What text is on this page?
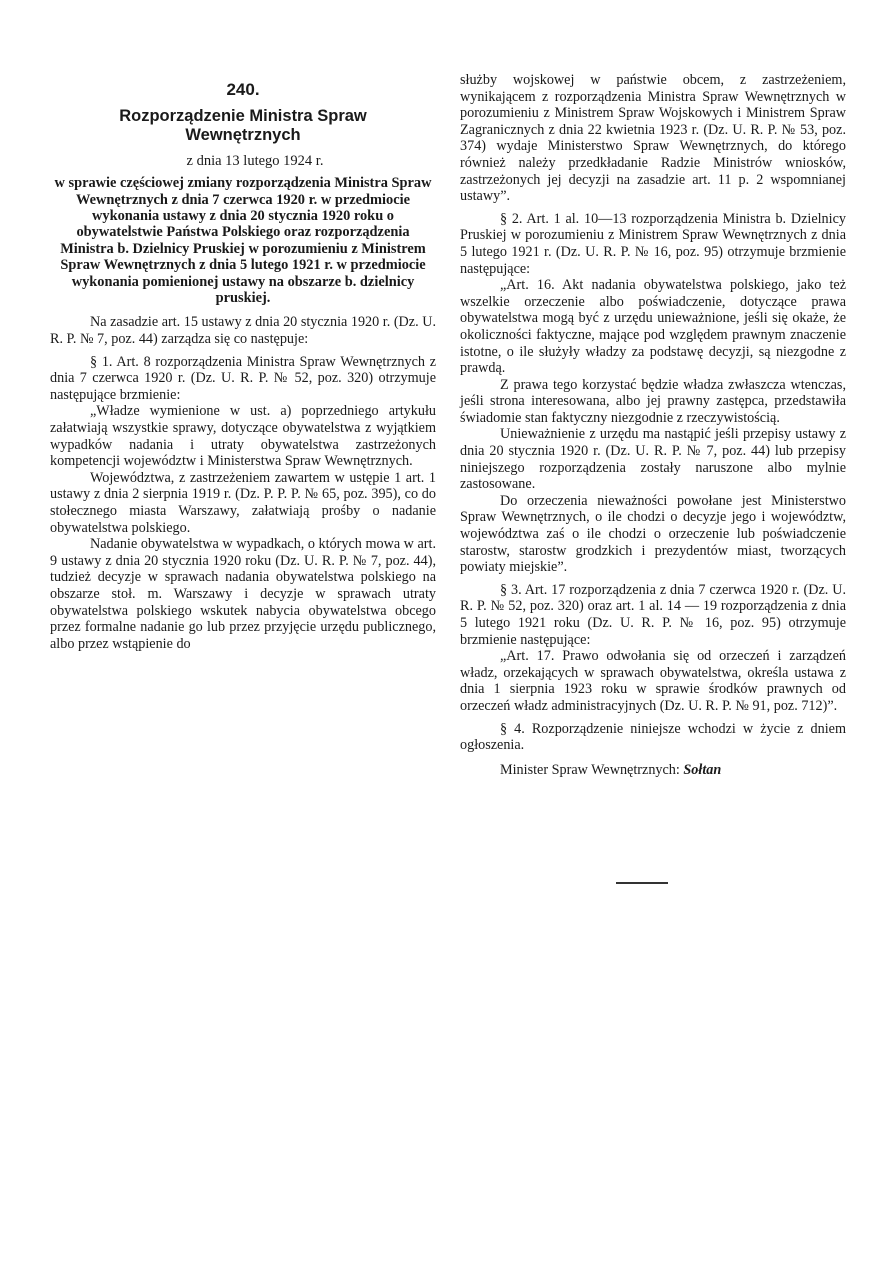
240.
Rozporządzenie Ministra Spraw
Wewnętrznych
z dnia 13 lutego 1924 r.

w sprawie częściowej zmiany rozporządzenia Ministra Spraw Wewnętrznych z dnia 7 czerwca 1920 r. w przedmiocie wykonania ustawy z dnia 20 stycznia 1920 roku o obywatelstwie Państwa Polskiego oraz rozporządzenia Ministra b. Dzielnicy Pruskiej w porozumieniu z Ministrem Spraw Wewnętrznych z dnia 5 lutego 1921 r. w przedmiocie wykonania pomienionej ustawy na obszarze b. dzielnicy pruskiej.

Na zasadzie art. 15 ustawy z dnia 20 stycznia 1920 r. (Dz. U. R. P. № 7, poz. 44) zarządza się co następuje:

§ 1. Art. 8 rozporządzenia Ministra Spraw Wewnętrznych z dnia 7 czerwca 1920 r. (Dz. U. R. P. № 52, poz. 320) otrzymuje następujące brzmienie:

„Władze wymienione w ust. a) poprzedniego artykułu załatwiają wszystkie sprawy, dotyczące obywatelstwa z wyjątkiem wypadków nadania i utraty obywatelstwa zastrzeżonych kompetencji województw i Ministerstwa Spraw Wewnętrznych.

Województwa, z zastrzeżeniem zawartem w ustępie 1 art. 1 ustawy z dnia 2 sierpnia 1919 r. (Dz. P. P. P. № 65, poz. 395), co do stołecznego miasta Warszawy, załatwiają prośby o nadanie obywatelstwa polskiego.

Nadanie obywatelstwa w wypadkach, o których mowa w art. 9 ustawy z dnia 20 stycznia 1920 roku (Dz. U. R. P. № 7, poz. 44), tudzież decyzje w sprawach nadania obywatelstwa polskiego na obszarze stoł. m. Warszawy i decyzje w sprawach utraty obywatelstwa polskiego wskutek nabycia obywatelstwa obcego przez formalne nadanie go lub przez przyjęcie urzędu publicznego, albo przez wstąpienie do

służby wojskowej w państwie obcem, z zastrzeżeniem, wynikającem z rozporządzenia Ministra Spraw Wewnętrznych w porozumieniu z Ministrem Spraw Wojskowych i Ministrem Spraw Zagranicznych z dnia 22 kwietnia 1923 r. (Dz. U. R. P. № 53, poz. 374) wydaje Ministerstwo Spraw Wewnętrznych, do którego również należy przedkładanie Radzie Ministrów wniosków, zastrzeżonych jej decyzji na zasadzie art. 11 p. 2 wspomnianej ustawy”.

§ 2. Art. 1 al. 10—13 rozporządzenia Ministra b. Dzielnicy Pruskiej w porozumieniu z Ministrem Spraw Wewnętrznych z dnia 5 lutego 1921 r. (Dz. U. R. P. № 16, poz. 95) otrzymuje brzmienie następujące:

„Art. 16. Akt nadania obywatelstwa polskiego, jako też wszelkie orzeczenie albo poświadczenie, dotyczące prawa obywatelstwa mogą być z urzędu unieważnione, jeśli się okaże, że okoliczności faktyczne, mające pod względem prawnym znaczenie istotne, o ile służyły władzy za podstawę decyzji, są niezgodne z prawdą.

Z prawa tego korzystać będzie władza zwłaszcza wtenczas, jeśli strona interesowana, albo jej prawny zastępca, przedstawiła świadomie stan faktyczny niezgodnie z rzeczywistością.

Unieważnienie z urzędu ma nastąpić jeśli przepisy ustawy z dnia 20 stycznia 1920 r. (Dz. U. R. P. № 7, poz. 44) lub przepisy niniejszego rozporządzenia zostały naruszone albo mylnie zastosowane.

Do orzeczenia nieważności powołane jest Ministerstwo Spraw Wewnętrznych, o ile chodzi o decyzje jego i województw, województwa zaś o ile chodzi o orzeczenie lub poświadczenie starostw, starostw grodzkich i prezydentów miast, tworzących powiaty miejskie”.

§ 3. Art. 17 rozporządzenia z dnia 7 czerwca 1920 r. (Dz. U. R. P. № 52, poz. 320) oraz art. 1 al. 14 — 19 rozporządzenia z dnia 5 lutego 1921 roku (Dz. U. R. P. № 16, poz. 95) otrzymuje brzmienie następujące:

„Art. 17. Prawo odwołania się od orzeczeń i zarządzeń władz, orzekających w sprawach obywatelstwa, określa ustawa z dnia 1 sierpnia 1923 roku w sprawie środków prawnych od orzeczeń władz administracyjnych (Dz. U. R. P. № 91, poz. 712)”.

§ 4. Rozporządzenie niniejsze wchodzi w życie z dniem ogłoszenia.

Minister Spraw Wewnętrznych: Sołtan
